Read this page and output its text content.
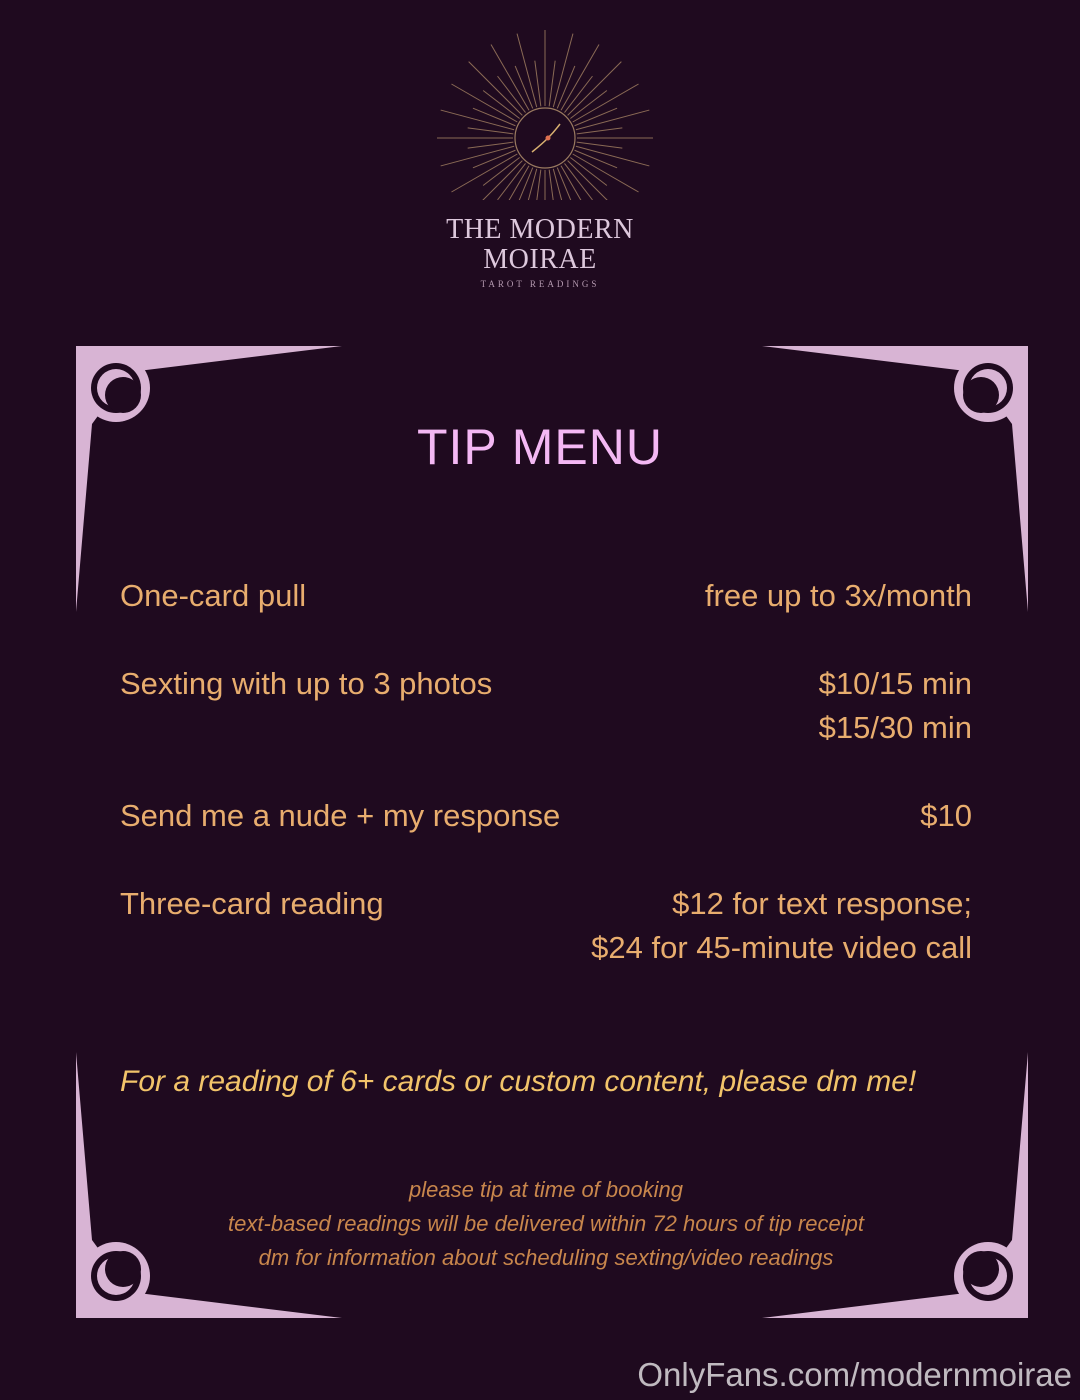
THE MODERN
MOIRAE
TAROT READINGS
TIP MENU
One-card pull	free up to 3x/month
Sexting with up to 3 photos	$10/15 min
$15/30 min
Send me a nude + my response	$10
Three-card reading	$12 for text response;
$24 for 45-minute video call
For a reading of 6+ cards or custom content, please dm me!
please tip at time of booking
text-based readings will be delivered within 72 hours of tip receipt
dm for information about scheduling sexting/video readings
OnlyFans.com/modernmoirae
